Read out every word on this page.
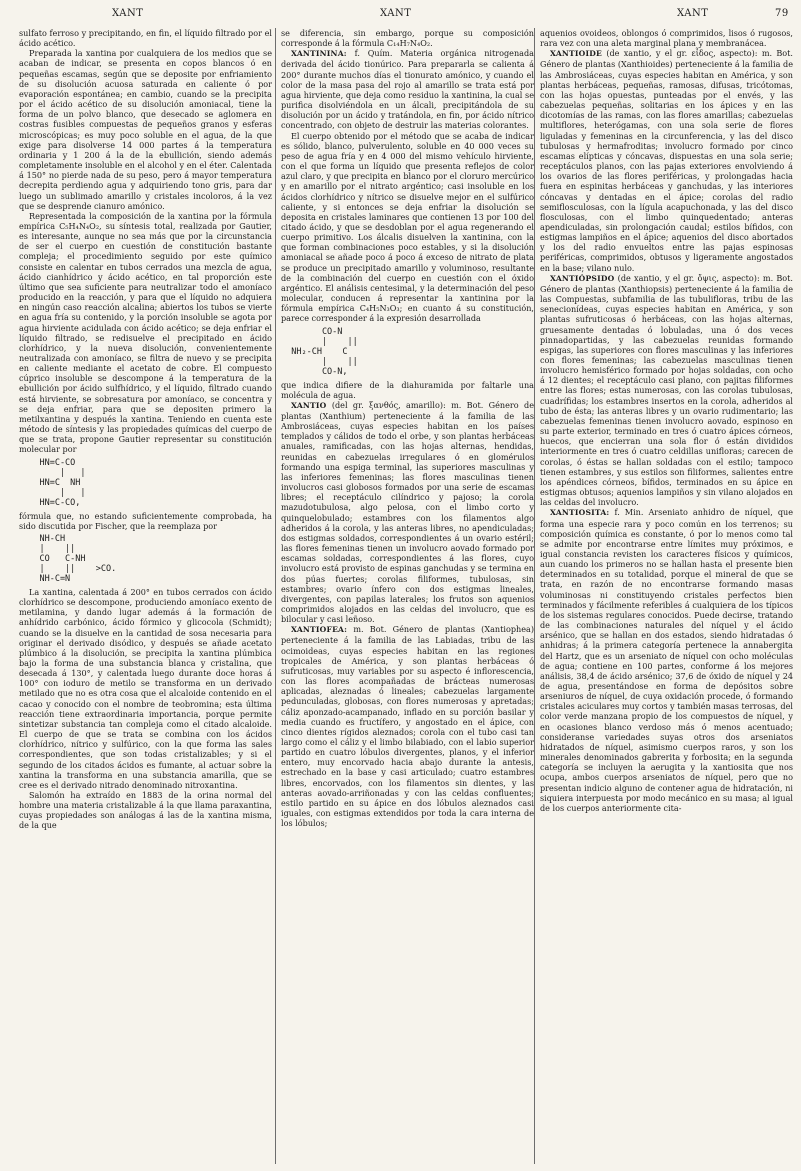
XANT	XANT	XANT	79

sulfato ferroso y precipitando, en fin, el líquido filtrado por el ácido acético.

Preparada la xantina por cualquiera de los medios que se acaban de indicar, se presenta en copos blancos ó en pequeñas escamas, según que se deposite por enfriamiento de su disolución acuosa saturada en caliente ó por evaporación espontánea; en cambio, cuando se la precipita por el ácido acético de su disolución amoniacal, tiene la forma de un polvo blanco, que desecado se aglomera en costras fusibles compuestas de pequeños granos y esferas microscópicas; es muy poco soluble en el agua, de la que exige para disolverse 14 000 partes á la temperatura ordinaria y 1 200 á la de la ebullición, siendo además completamente insoluble en el alcohol y en el éter. Calentada á 150° no pierde nada de su peso, pero á mayor temperatura decrepita perdiendo agua y adquiriendo tono gris, para dar luego un sublimado amarillo y cristales incoloros, á la vez que se desprende cianuro amónico.

Representada la composición de la xantina por la fórmula empírica C₅H₄N₄O₂, su síntesis total, realizada por Gautier, es interesante, aunque no sea más que por la circunstancia de ser el cuerpo en cuestión de constitución bastante compleja; el procedimiento seguido por este químico consiste en calentar en tubos cerrados una mezcla de agua, ácido cianhídrico y ácido acético, en tal proporción este último que sea suficiente para neutralizar todo el amoníaco producido en la reacción, y para que el líquido no adquiera en ningún caso reacción alcalina; abiertos los tubos se vierte en agua fría su contenido, y la porción insoluble se agota por agua hirviente acidulada con ácido acético; se deja enfriar el líquido filtrado, se redisuelve el precipitado en ácido clorhídrico, y la nueva disolución, convenientemente neutralizada con amoníaco, se filtra de nuevo y se precipita en caliente mediante el acetato de cobre. El compuesto cúprico insoluble se descompone á la temperatura de la ebullición por ácido sulfhídrico, y el líquido, filtrado cuando está hirviente, se sobresatura por amoníaco, se concentra y se deja enfriar, para que se depositen primero la metilxantina y después la xantina. Teniendo en cuenta este método de síntesis y las propiedades químicas del cuerpo de que se trata, propone Gautier representar su constitución molecular por

HN=C-CO
|   |
HN=C  NH
|   |
HN=C-CO,

fórmula que, no estando suficientemente comprobada, ha sido discutida por Fischer, que la reemplaza por

NH-CH
|    ||
CO   C-NH
|    ||    >CO.
NH-C=N

La xantina, calentada á 200° en tubos cerrados con ácido clorhídrico se descompone, produciendo amoníaco exento de metilamina, y dando lugar además á la formación de anhídrido carbónico, ácido fórmico y glicocola (Schmidt); cuando se la disuelve en la cantidad de sosa necesaria para originar el derivado disódico, y después se añade acetato plúmbico á la disolución, se precipita la xantina plúmbica bajo la forma de una substancia blanca y cristalina, que desecada á 130°, y calentada luego durante doce horas á 100° con ioduro de metilo se transforma en un derivado metilado que no es otra cosa que el alcaloide contenido en el cacao y conocido con el nombre de teobromina; esta última reacción tiene extraordinaria importancia, porque permite sintetizar substancia tan compleja como el citado alcaloide. El cuerpo de que se trata se combina con los ácidos clorhídrico, nítrico y sulfúrico, con la que forma las sales correspondientes, que son todas cristalizables; y si el segundo de los citados ácidos es fumante, al actuar sobre la xantina la transforma en una substancia amarilla, que se cree es el derivado nitrado denominado nitroxantina.

Salomón ha extraído en 1883 de la orina normal del hombre una materia cristalizable á la que llama paraxantina, cuyas propiedades son análogas á las de la xantina misma, de la que

se diferencia, sin embargo, porque su composición corresponde á la fórmula C₁₄H₇N₄O₂.

XANTININA: f. Quím. Materia orgánica nitrogenada derivada del ácido tionúrico. Para prepararla se calienta á 200° durante muchos días el tionurato amónico, y cuando el color de la masa pasa del rojo al amarillo se trata está por agua hirviente, que deja como residuo la xantinina, la cual se purifica disolviéndola en un álcali, precipitándola de su disolución por un ácido y tratándola, en fin, por ácido nítrico concentrado, con objeto de destruir las materias colorantes.

El cuerpo obtenido por el método que se acaba de indicar es sólido, blanco, pulverulento, soluble en 40 000 veces su peso de agua fría y en 4 000 del mismo vehículo hirviente, con el que forma un líquido que presenta reflejos de color azul claro, y que precipita en blanco por el cloruro mercúrico y en amarillo por el nitrato argéntico; casi insoluble en los ácidos clorhídrico y nítrico se disuelve mejor en el sulfúrico caliente, y si entonces se deja enfriar la disolución se deposita en cristales laminares que contienen 13 por 100 del citado ácido, y que se desdoblan por el agua regenerando el cuerpo primitivo. Los álcalis disuelven la xantinina, con la que forman combinaciones poco estables, y si la disolución amoniacal se añade poco á poco á exceso de nitrato de plata se produce un precipitado amarillo y voluminoso, resultante de la combinación del cuerpo en cuestión con el óxido argéntico. El análisis centesimal, y la determinación del peso molecular, conducen á representar la xantinina por la fórmula empírica C₄H₅N₃O₃; en cuanto á su constitución, parece corresponder á la expresión desarrollada

CO-N
|    ||
NH₂-CH    C
|    ||
CO-N,

que indica difiere de la diahuramida por faltarle una molécula de agua.

XANTIO (del gr. ξανθός, amarillo): m. Bot. Género de plantas (Xanthium) perteneciente á la familia de las Ambrosiáceas, cuyas especies habitan en los países templados y cálidos de todo el orbe, y son plantas herbáceas anuales, ramificadas, con las hojas alternas, hendidas, reunidas en cabezuelas irregulares ó en glomérulos formando una espiga terminal, las superiores masculinas y las inferiores femeninas; las flores masculinas tienen involucros casi globosos formados por una serie de escamas libres; el receptáculo cilíndrico y pajoso; la corola mazudotubulosa, algo pelosa, con el limbo corto y quinquelobulado; estambres con los filamentos algo adheridos á la corola, y las anteras libres, no apendiculadas; dos estigmas soldados, correspondientes á un ovario estéril; las flores femeninas tienen un involucro aovado formado por escamas soldadas, correspondientes á las flores, cuyo involucro está provisto de espinas ganchudas y se termina en dos púas fuertes; corolas filiformes, tubulosas, sin estambres; ovario ínfero con dos estigmas lineales, divergentes, con papilas laterales; los frutos son aquenios comprimidos alojados en las celdas del involucro, que es bilocular y casi leñoso.

XANTIOFEA: m. Bot. Género de plantas (Xantiophea) perteneciente á la familia de las Labiadas, tribu de las ocimoideas, cuyas especies habitan en las regiones tropicales de América, y son plantas herbáceas ó sufruticosas, muy variables por su aspecto é inflorescencia, con las flores acompañadas de brácteas numerosas aplicadas, aleznadas ó lineales; cabezuelas largamente pedunculadas, globosas, con flores numerosas y apretadas; cáliz aponzado-acampanado, inflado en su porción basilar y media cuando es fructífero, y angostado en el ápice, con cinco dientes rígidos aleznados; corola con el tubo casi tan largo como el cáliz y el limbo bilabiado, con el labio superior partido en cuatro lóbulos divergentes, planos, y el inferior entero, muy encorvado hacia abajo durante la antesis, estrechado en la base y casi articulado; cuatro estambres libres, encorvados, con los filamentos sin dientes, y las anteras aovado-arriñonadas y con las celdas confluentes; estilo partido en su ápice en dos lóbulos aleznados casi iguales, con estigmas extendidos por toda la cara interna de los lóbulos;

aquenios ovoideos, oblongos ó comprimidos, lisos ó rugosos, rara vez con una aleta marginal plana y membranácea.

XANTIOIDE (de xantio, y el gr. εἶδος, aspecto): m. Bot. Género de plantas (Xanthioides) perteneciente á la familia de las Ambrosiáceas, cuyas especies habitan en América, y son plantas herbáceas, pequeñas, ramosas, difusas, tricótomas, con las hojas opuestas, punteadas por el envés, y las cabezuelas pequeñas, solitarias en los ápices y en las dicotomías de las ramas, con las flores amarillas; cabezuelas multiflores, heterógamas, con una sola serie de flores liguladas y femeninas en la circunferencia, y las del disco tubulosas y hermafroditas; involucro formado por cinco escamas elípticas y cóncavas, dispuestas en una sola serie; receptáculos planos, con las pajas exteriores envolviendo á los ovarios de las flores periféricas, y prolongadas hacia fuera en espinitas herbáceas y ganchudas, y las interiores cóncavas y dentadas en el ápice; corolas del radio semiflosculosas, con la lígula acapuchonada, y las del disco flosculosas, con el limbo quinquedentado; anteras apendiculadas, sin prolongación caudal; estilos bífidos, con estigmas lampiños en el ápice; aquenios del disco abortados y los del radio envueltos entre las pajas espinosas periféricas, comprimidos, obtusos y ligeramente angostados en la base; vilano nulo.

XANTIÓPSIDO (de xantio, y el gr. ὄψις, aspecto): m. Bot. Género de plantas (Xanthiopsis) perteneciente á la familia de las Compuestas, subfamilia de las tubulifloras, tribu de las senecionídeas, cuyas especies habitan en América, y son plantas sufruticosas ó herbáceas, con las hojas alternas, gruesamente dentadas ó lobuladas, una ó dos veces pinnadopartidas, y las cabezuelas reunidas formando espigas, las superiores con flores masculinas y las inferiores con flores femeninas; las cabezuelas masculinas tienen involucro hemisférico formado por hojas soldadas, con ocho á 12 dientes; el receptáculo casi plano, con pajitas filiformes entre las flores; estas numerosas, con las corolas tubulosas, cuadrífidas; los estambres insertos en la corola, adheridos al tubo de ésta; las anteras libres y un ovario rudimentario; las cabezuelas femeninas tienen involucro aovado, espinoso en su parte exterior, terminado en tres ó cuatro ápices córneos, huecos, que encierran una sola flor ó están divididos interiormente en tres ó cuatro celdillas unifloras; carecen de corolas, ó éstas se hallan soldadas con el estilo; tampoco tienen estambres, y sus estilos son filiformes, salientes entre los apéndices córneos, bífidos, terminados en su ápice en estigmas obtusos; aquenios lampiños y sin vilano alojados en las celdas del involucro.

XANTIOSITA: f. Min. Arseniato anhidro de níquel, que forma una especie rara y poco común en los terrenos; su composición química es constante, ó por lo menos como tal se admite por encontrarse entre límites muy próximos, e igual constancia revisten los caracteres físicos y químicos, aun cuando los primeros no se hallan hasta el presente bien determinados en su totalidad, porque el mineral de que se trata, en razón de no encontrarse formando masas voluminosas ni constituyendo cristales perfectos bien terminados y fácilmente referibles á cualquiera de los típicos de los sistemas regulares conocidos. Puede decirse, tratando de las combinaciones naturales del níquel y el ácido arsénico, que se hallan en dos estados, siendo hidratadas ó anhidras; á la primera categoría pertenece la annabergita del Hartz, que es un arseniato de níquel con ocho moléculas de agua; contiene en 100 partes, conforme á los mejores análisis, 38,4 de ácido arsénico; 37,6 de óxido de níquel y 24 de agua, presentándose en forma de depósitos sobre arseniuros de níquel, de cuya oxidación procede, ó formando cristales aciculares muy cortos y también masas terrosas, del color verde manzana propio de los compuestos de níquel, y en ocasiones blanco verdoso más ó menos acentuado; consideranse variedades suyas otros dos arseniatos hidratados de níquel, asimismo cuerpos raros, y son los minerales denominados gabrerita y forbosita; en la segunda categoría se incluyen la aerugita y la xantiosita que nos ocupa, ambos cuerpos arseniatos de níquel, pero que no presentan indicio alguno de contener agua de hidratación, ni siquiera interpuesta por modo mecánico en su masa; al igual de los cuerpos anteriormente cita-
